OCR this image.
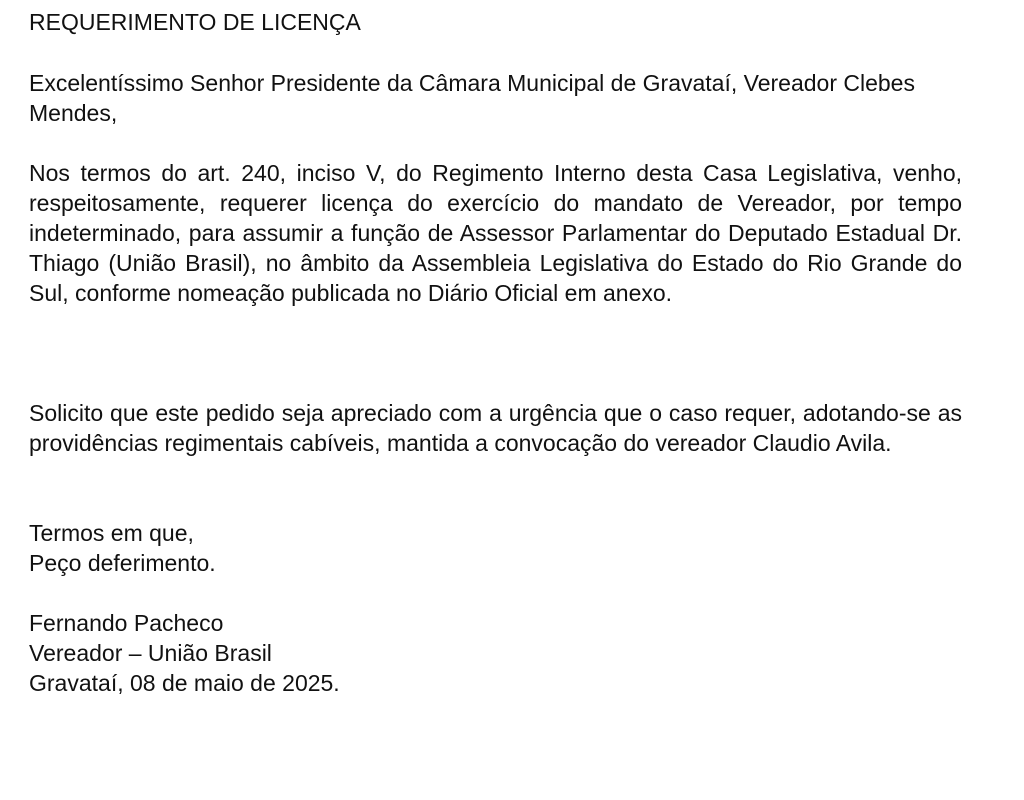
REQUERIMENTO DE LICENÇA

Excelentíssimo Senhor Presidente da Câmara Municipal de Gravataí, Vereador Clebes Mendes,

Nos termos do art. 240, inciso V, do Regimento Interno desta Casa Legislativa, venho, respeitosamente, requerer licença do exercício do mandato de Vereador, por tempo indeterminado, para assumir a função de Assessor Parlamentar do Deputado Estadual Dr. Thiago (União Brasil), no âmbito da Assembleia Legislativa do Estado do Rio Grande do Sul, conforme nomeação publicada no Diário Oficial em anexo.

Solicito que este pedido seja apreciado com a urgência que o caso requer, adotando-se as providências regimentais cabíveis, mantida a convocação do vereador Claudio Avila.

Termos em que,
Peço deferimento.

Fernando Pacheco
Vereador – União Brasil
Gravataí, 08 de maio de 2025.
